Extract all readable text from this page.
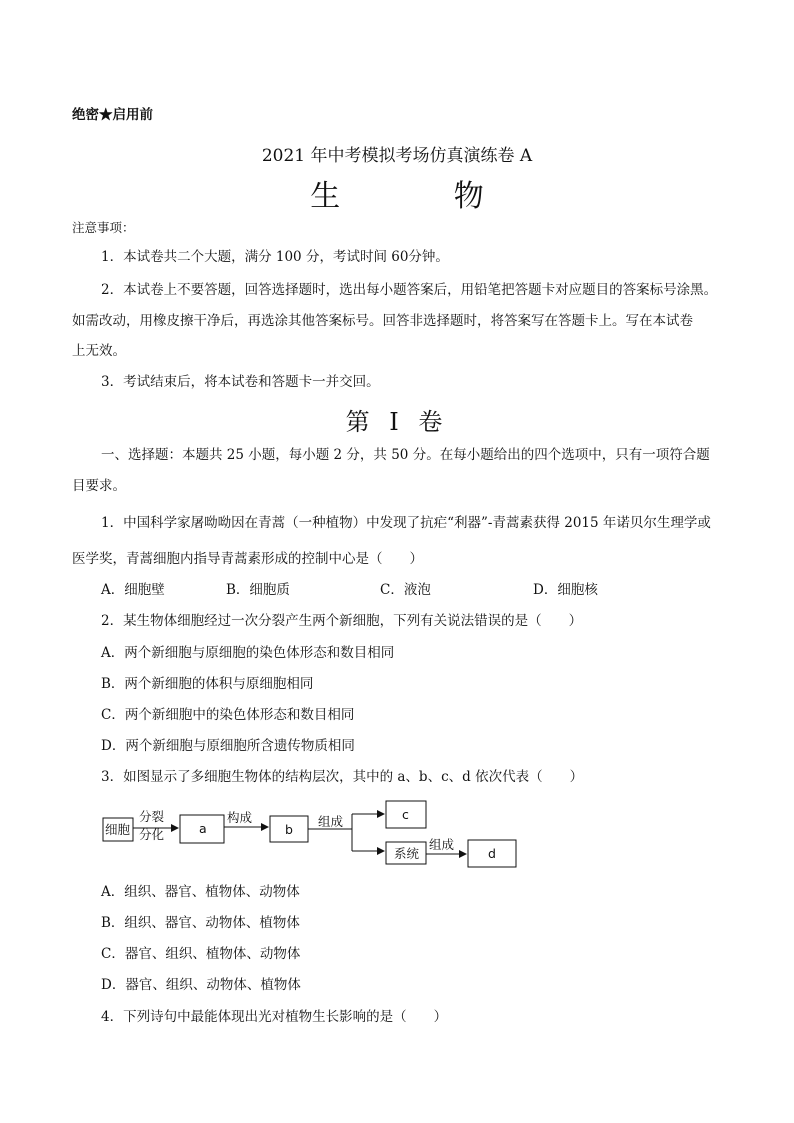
绝密★启用前
2021 年中考模拟考场仿真演练卷 A
生 物
注意事项：
1．本试卷共二个大题，满分 100 分，考试时间 60分钟。
2．本试卷上不要答题，回答选择题时，选出每小题答案后，用铅笔把答题卡对应题目的答案标号涂黑。
如需改动，用橡皮擦干净后，再选涂其他答案标号。回答非选择题时，将答案写在答题卡上。写在本试卷
上无效。
3．考试结束后，将本试卷和答题卡一并交回。
第 I 卷
一、选择题：本题共 25 小题，每小题 2 分，共 50 分。在每小题给出的四个选项中，只有一项符合题
目要求。
1．中国科学家屠呦呦因在青蒿（一种植物）中发现了抗疟“利器”-青蒿素获得 2015 年诺贝尔生理学或
医学奖，青蒿细胞内指导青蒿素形成的控制中心是（　　）
A．细胞壁	B．细胞质	C．液泡	D．细胞核
2．某生物体细胞经过一次分裂产生两个新细胞，下列有关说法错误的是（　　）
A．两个新细胞与原细胞的染色体形态和数目相同
B．两个新细胞的体积与原细胞相同
C．两个新细胞中的染色体形态和数目相同
D．两个新细胞与原细胞所含遗传物质相同
3．如图显示了多细胞生物体的结构层次，其中的 a、b、c、d 依次代表（　　）
细胞
分裂
分化	a
构成
b
组成	c
系统
组成
d
A．组织、器官、植物体、动物体
B．组织、器官、动物体、植物体
C．器官、组织、植物体、动物体
D．器官、组织、动物体、植物体
4．下列诗句中最能体现出光对植物生长影响的是（　　）
